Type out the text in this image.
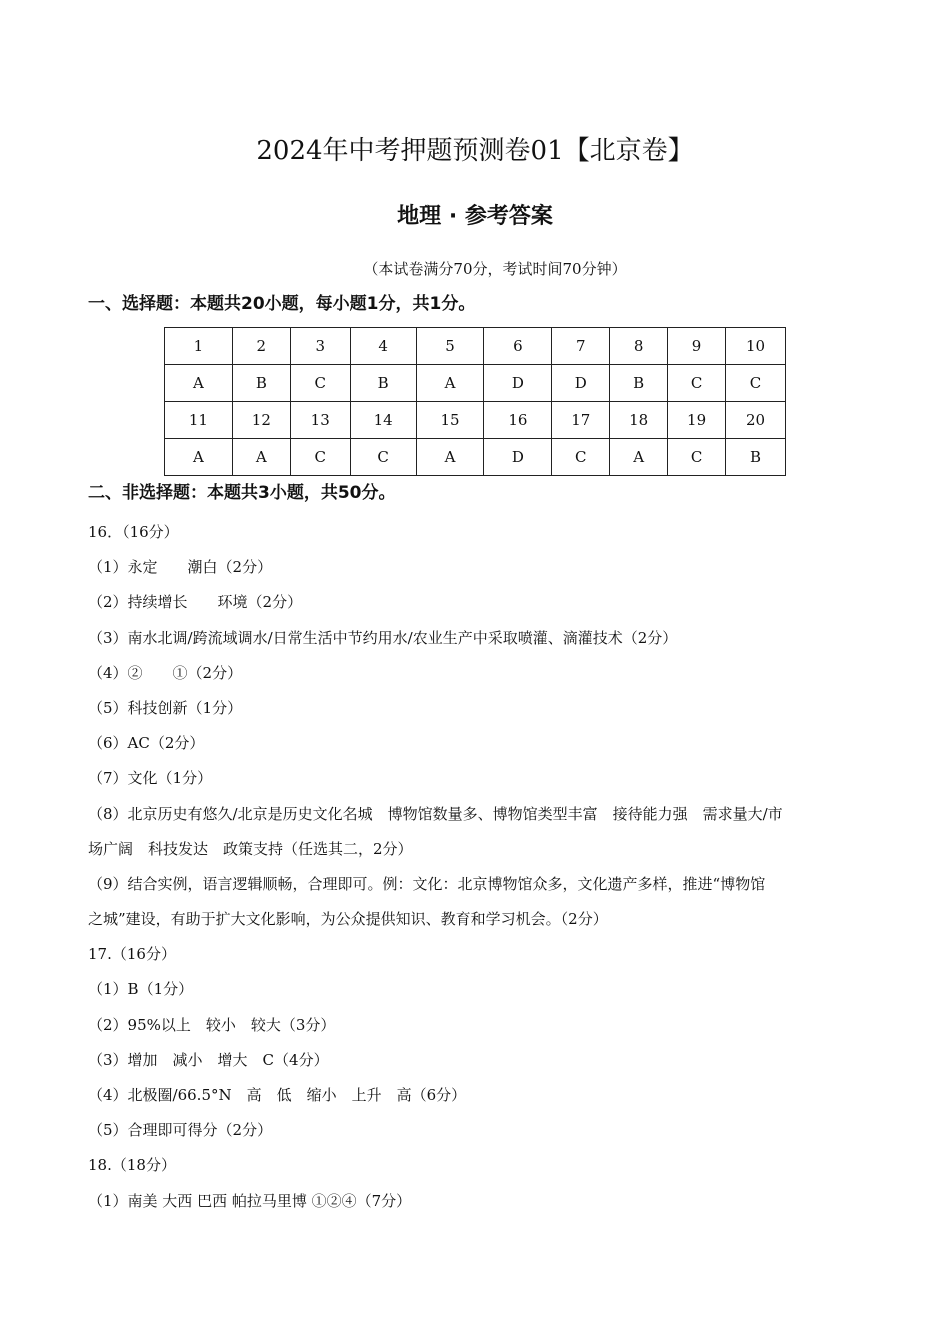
2024年中考押题预测卷01【北京卷】
地理 · 参考答案
（本试卷满分70分，考试时间70分钟）
一、选择题：本题共20小题，每小题1分，共1分。
1	2	3	4	5	6	7	8	9	10
A	B	C	B	A	D	D	B	C	C
11	12	13	14	15	16	17	18	19	20
A	A	C	C	A	D	C	A	C	B
二、非选择题：本题共3小题，共50分。
16．（16分）
（1）永定　　潮白（2分）
（2）持续增长　　环境（2分）
（3）南水北调/跨流域调水/日常生活中节约用水/农业生产中采取喷灌、滴灌技术（2分）
（4）②　　①（2分）
（5）科技创新（1分）
（6）AC（2分）
（7）文化（1分）
（8）北京历史有悠久/北京是历史文化名城　博物馆数量多、博物馆类型丰富　接待能力强　需求量大/市
场广阔　科技发达　政策支持（任选其二，2分）
（9）结合实例，语言逻辑顺畅，合理即可。例：文化：北京博物馆众多，文化遗产多样，推进“博物馆
之城”建设，有助于扩大文化影响，为公众提供知识、教育和学习机会。（2分）
17.（16分）
（1）B（1分）
（2）95%以上　较小　较大（3分）
（3）增加　减小　增大　C（4分）
（4）北极圈/66.5°N　高　低　缩小　上升　高（6分）
（5）合理即可得分（2分）
18.（18分）
（1）南美 大西 巴西 帕拉马里博 ①②④（7分）
